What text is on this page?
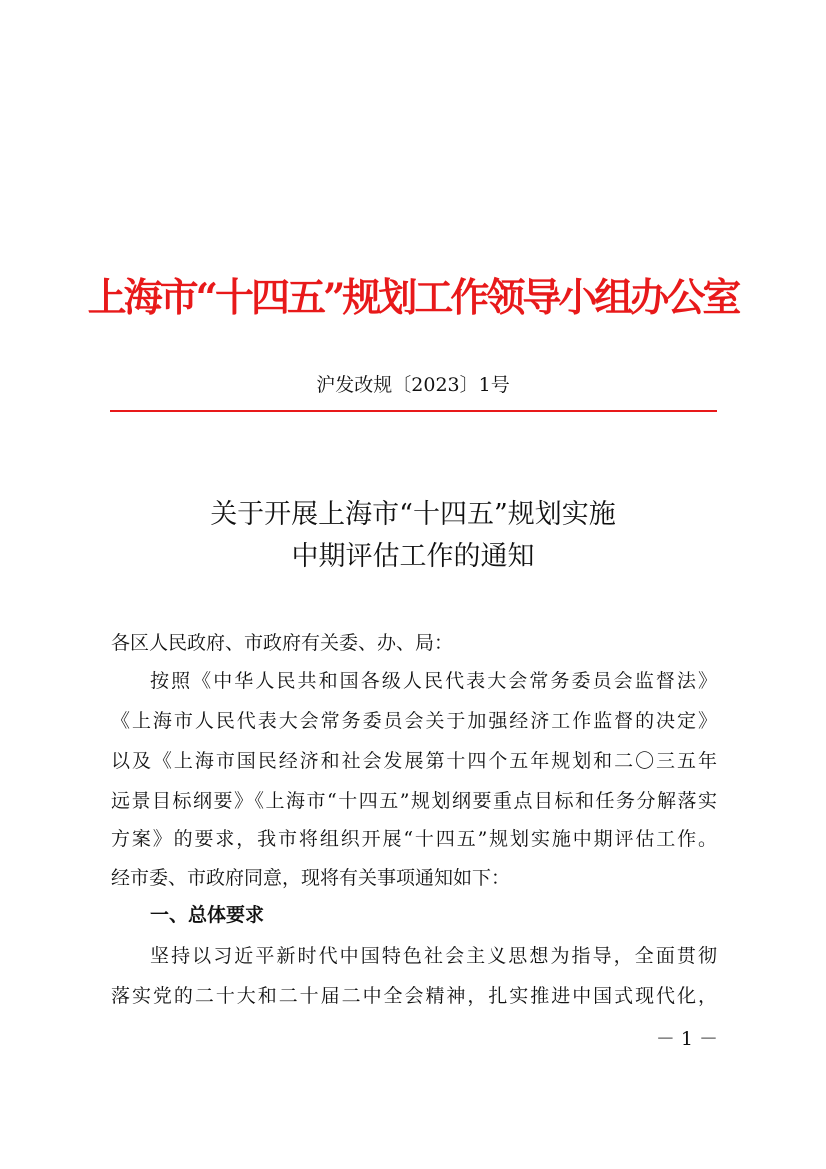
上海市“十四五”规划工作领导小组办公室
沪发改规〔2023〕1号
关于开展上海市“十四五”规划实施
中期评估工作的通知
各区人民政府、市政府有关委、办、局：
按照《中华人民共和国各级人民代表大会常务委员会监督法》
《上海市人民代表大会常务委员会关于加强经济工作监督的决定》
以及《上海市国民经济和社会发展第十四个五年规划和二〇三五年
远景目标纲要》《上海市“十四五”规划纲要重点目标和任务分解落实
方案》的要求，我市将组织开展“十四五”规划实施中期评估工作。
经市委、市政府同意，现将有关事项通知如下：
一、总体要求
坚持以习近平新时代中国特色社会主义思想为指导，全面贯彻
落实党的二十大和二十届二中全会精神，扎实推进中国式现代化，
－ 1 －
